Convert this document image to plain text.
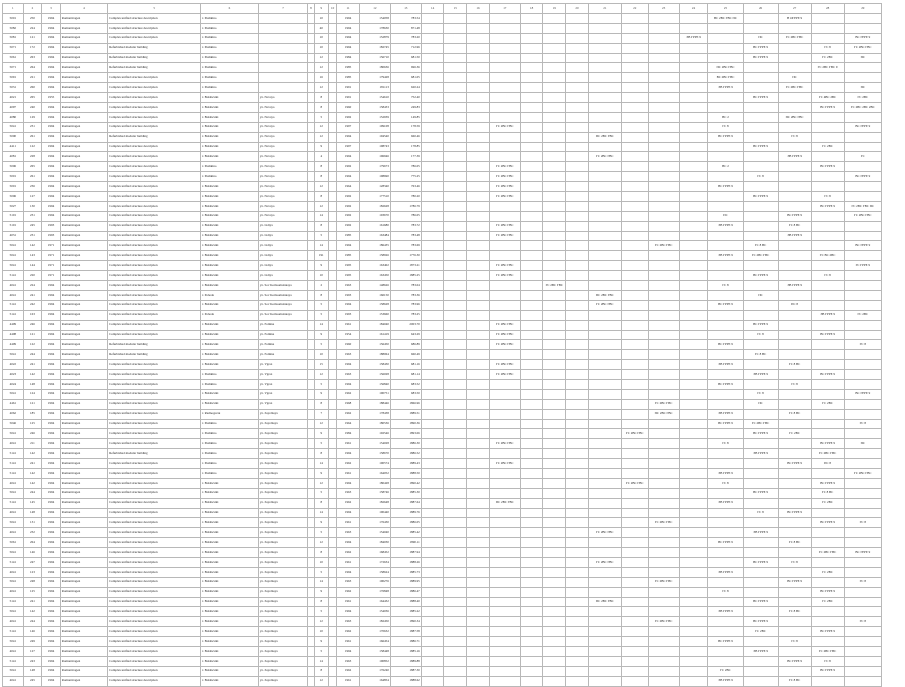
1	2	3	4	5	6	7	8	9	10	11	12	13	14	15	16	17	18	19	20	21	22	23	24	25	26	27	28	29
5001	250	1994	Romanticagen	Complex unified structure description	г. Pushkino			10		1994	154058	783.54												ВС 2ВС ГВС ПС		Н ОГРРЕ 9		
5082	224	1994	Romanticagen	Complex unified structure description	г. Pushkino			40		1994	178630	871.48																
5081	121	1994	Romanticagen	Complex unified structure description	г. Pushkino			10		1994	152879	783.20											ЭВ ГРРЕ 9		ПС	ГС 2ВС ГВС		ВС ГРРЕ 9
5071	172	1994	Romanticagen	Refurbished modular building	г. Pushkino			10		1994	182745	712.96													ВС ГРРЕ 9		ГС 8	ГС 2ВС ГВС
5061	263	1994	Romanticagen	Refurbished modular building	г. Pushkino			12		1984	156710	681.50													ВС ГРРЕ 9		ГС 2ВС	ПС
5071	264	1994	Romanticagen	Refurbished modular building	г. Pushkino			12		1985	180636	696.36												ПС 2ВС ГВС			ГС 2ВС ГВС 9	
5091	221	1994	Romanticagen	Complex unified structure description	г. Pushkino			16		1985	179428	681.05												ВС 2ВС ГВС		ПС		
5031	260	1994	Romanticagen	Complex unified structure description	г. Pushkino			12		1991	181113	620.24												ЭВ ГРРЕ 9		ГС 2ВС ГВС		ПС
4021	265	1955	Romanticagen	Complex unified structure description	г. Bolsheviki	ул. Novaya		8		1991	154610	752.40													ВС ГРРЕ 9		ГС 4ВС 2ВС	ГС 2ВС
4097	240	1994	Romanticagen	Complex unified structure description	г. Bolsheviki	ул. Novaya		8		1960	158433	249.83															ВС ГРРЕ 9	ГС 2ВС 2ВС 2ВС
4080	129	1994	Romanticagen	Complex unified structure description	г. Bolsheviki	ул. Novaya		5		1992	152939	149.85												ВС 2		ПС 2ВС ГВС		
5041	231	1994	Romanticagen	Complex unified structure description	г. Bolsheviki	ул. Novaya		12		1997	199108	178.59				ГС 2ВС ГВС								ГС 8				ВС ГРРЕ 9
5000	261	1994	Romanticagen	Refurbished modular building	г. Bolsheviki	ул. Novaya		12		1994	194540	660.46								ПС 2ВС ГВС				ВС ГРРЕ 9		ГС 8		
4411	122	1994	Romanticagen	Complex unified structure description	г. Bolsheviki	ул. Novaya		9		1997	198743	178.85													ВС ГРРЕ 9		ГС 2ВС	
4081	228	1994	Romanticagen	Complex unified structure description	г. Bolsheviki	ул. Novaya		4		1994	196946	177.39								ГС 2ВС ГВС						ЭВ ГРРЕ 9		ГС
5006	265	1994	Romanticagen	Complex unified structure description	г. Pushkino	ул. Novaya		8		1992	179673	786.05				ГС 2ВС ГВС								ВС 2			ВС ГРРЕ 9	
5001	261	1994	Romanticagen	Complex unified structure description	г. Pushkino	ул. Novaya		8		1994	198690	775.25				ГС 2ВС ГВС									ГС 8			ВС ГРРЕ 9
5001	236	1994	Romanticagen	Complex unified structure description	г. Bolsheviki	ул. Novaya		12		1964	128340	763.46				ГС 2ВС ГВС								ВС ГРРЕ 9				
5006	127	1994	Romanticagen	Complex unified structure description	г. Bolsheviki	ул. Novaya		8		1992	177510	780.20				ГС 2ВС ГВС									ВС ГРРЕ 9		ГС 8	
5027	130	1994	Romanticagen	Complex unified structure description	г. Bolsheviki	ул. Novaya		12		1992	182628	1786.79															ВС ГРРЕ 9	ГС 2ВС ГВС ПС
5101	231	1994	Romanticagen	Complex unified structure description	г. Bolsheviki	ул. Novaya		14		1992	193670	786.05												ПС		ВС ГРРЕ 9		ГС 2ВС ГВС
5101	245	1993	Romanticagen	Complex unified structure description	г. Bolsheviki	ул. Lidiya		8		1992	161680	783.72				ГС 2ВС ГВС								ЭВ ГРРЕ 9		ГС 8 ВС		
4031	231	1993	Romanticagen	Complex unified structure description	г. Bolsheviki	ул. Lidiya		5		1985	163484	783.48				ГС 2ВС ГВС										ЭВ ГРРЕ 9		
5041	142	1971	Romanticagen	Complex unified structure description	г. Bolsheviki	ул. Lidiya		14		1994	186435	783.69										ГС 2ВС ГВС			ГС 8 ВС			ВС ГРРЕ 9
5041	143	1971	Romanticagen	Complex unified structure description	г. Bolsheviki	ул. Lidiya		191		1985	158926	1776.30												ЭВ ГРРЕ 9	ГС 2ВС ГВС		ГС ВС 2ВС	
5041	144	1971	Romanticagen	Complex unified structure description	г. Bolsheviki	ул. Lidiya		9		1995	163402	1873.21				ГС 2ВС ГВС												ГС ГРРЕ 9
5141	220	1971	Romanticagen	Complex unified structure description	г. Bolsheviki	ул. Lidiya		10		1995	163450	1885.25				ГС 2ВС ГВС									ВС ГРРЕ 9		ГС 8	
4041	224	1994	Romanticagen	Complex unified structure description	г. Bolsheviki	ул. Sov Komsomolskaya		2		1963	148626	783.04						ГС 2ВС ГВС						ГС 8		ЭВ ГРРЕ 9		
4041	241	1994	Romanticagen	Complex unified structure description	г. Pobeda	ул. Sov Komsomolskaya		8		1993	160150	783.36								ПС 2ВС ГВС					ПС			
5141	242	1994	Romanticagen	Complex unified structure description	г. Bolsheviki	ул. Sov Komsomolskaya		5		1994	158628	783.96								ГС 2ВС ГВС				ВС ГРРЕ 9		ПС 8		
5141	163	1994	Romanticagen	Complex unified structure description	г. Pobeda	ул. Sov Komsomolskaya		5		1993	153660	783.25															ЭВ ГРРЕ 9	ГС 2ВС
4409	246	1994	Romanticagen	Complex unified structure description	г. Bolsheviki	ул. Fomina		14		1961	184040	2003.70				ГС 2ВС ГВС									ВС ГРРЕ 9			
4408	121	1994	Romanticagen	Complex unified structure description	г. Bolsheviki	ул. Fomina		9		1954	161419	643.29				ГС 2ВС ГВС									ГС 8		ВС ГРРЕ 9	
4409	122	1994	Romanticagen	Refurbished modular building	г. Bolsheviki	ул. Fomina		5		1960	156450	686.89				ГС 2ВС ГВС								ВС ГРРЕ 9				ГС 8
5041	244	1994	Romanticagen	Refurbished modular building	г. Bolsheviki	ул. Fomina		10		1963	188064	660.49													ГС 8 ВС			
4022	241	1994	Romanticagen	Complex unified structure description	г. Bolsheviki	ул. Vgraz		15		1994	158430	681.16				ГС 2ВС ГВС								ЭВ ГРРЕ 9		ГС 8 ВС		
4023	142	1994	Romanticagen	Complex unified structure description	г. Pushkino	ул. Vgraz		12		1963	156028	681.14				ГС 2ВС ГВС									ЭВ ГРРЕ 9		ВС ГРРЕ 9	
4024	148	1994	Romanticagen	Complex unified structure description	г. Pushkino	ул. Vgraz		5		1994	156840	683.52												ВС ГРРЕ 9		ГС 8		
5041	124	1994	Romanticagen	Complex unified structure description	г. Bolsheviki	ул. Vgraz		9		1962	190751	683.50													ГС 8			ВС ГРРЕ 9
4461	121	1994	Romanticagen	Complex unified structure description	г. Bolsheviki	ул. Vgraz		8		1968	188446	1866.96										ГС 2ВС ГВС			ПС		ГС 2ВС	
4062	185	1994	Romanticagen	Complex unified structure description	г. Rudnogorsk	ул. Zayelnaya		7		1962	178438	1889.51										ПС 2ВС ГВС		ЭВ ГРРЕ 9		ГС 8 ВС		
5046	125	1994	Romanticagen	Complex unified structure description	г. Pushkino	ул. Zayelnaya		12		1964	180536	1890.36												ВС ГРРЕ 9	ГС 2ВС ГВС			ГС 8
5041	246	1994	Romanticagen	Complex unified structure description	г. Pushkino	ул. Zayelnaya		9		1984	192546	1893.06									ГС 2ВС ГВС				ВС ГРРЕ 9	ГС 2ВС		
4041	211	1994	Romanticagen	Complex unified structure description	г. Pushkino	ул. Zayelnaya		5		1961	154028	1886.30				ГС 2ВС ГВС								ГС 8			ВС ГРРЕ 9	ПС
5141	142	1994	Romanticagen	Refurbished modular building	г. Pushkino	ул. Zayelnaya		8		1994	158670	1886.52													ЭВ ГРРЕ 9		ГС 2ВС ГВС	
5141	241	1994	Romanticagen	Complex unified structure description	г. Pushkino	ул. Zayelnaya		14		1962	190574	1889.43				ГС 2ВС ГВС										ВС ГРРЕ 9	ПС 8	
5141	142	1994	Romanticagen	Complex unified structure description	г. Pushkino	ул. Zayelnaya		9		1961	164052	1888.50												ЭВ ГРРЕ 9				ГС 2ВС ГВС
4041	142	1994	Romanticagen	Complex unified structure description	г. Bolsheviki	ул. Zayelnaya		12		1994	180428	1890.42									ГС 2ВС ГВС			ГС 8			ВС ГРРЕ 9	
5041	244	1994	Romanticagen	Complex unified structure description	г. Bolsheviki	ул. Zayelnaya		5		1963	158746	1885.30													ВС ГРРЕ 9		ГС 8 ВС	
5141	145	1994	Romanticagen	Complex unified structure description	г. Bolsheviki	ул. Zayelnaya		8		1962	182648	1887.64				ПС 2ВС ГВС								ЭВ ГРРЕ 9			ГС 2ВС	
4041	148	1994	Romanticagen	Complex unified structure description	г. Bolsheviki	ул. Zayelnaya		14		1994	190440	1889.76													ГС 8	ВС ГРРЕ 9		
5041	131	1994	Romanticagen	Complex unified structure description	г. Bolsheviki	ул. Zayelnaya		9		1961	176430	1886.05										ГС 2ВС ГВС					ВС ГРРЕ 9	ГС 8
4041	232	1994	Romanticagen	Complex unified structure description	г. Bolsheviki	ул. Zayelnaya		5		1963	154040	1885.42								ГС 2ВС ГВС					ЭВ ГРРЕ 9			
5061	264	1994	Romanticagen	Complex unified structure description	г. Bolsheviki	ул. Zayelnaya		12		1994	184030	1890.11												ВС ГРРЕ 9		ГС 8 ВС		
5041	146	1994	Romanticagen	Complex unified structure description	г. Bolsheviki	ул. Zayelnaya		8		1962	168452	1887.94															ГС 2ВС ГВС	ВС ГРРЕ 9
5141	247	1994	Romanticagen	Complex unified structure description	г. Bolsheviki	ул. Zayelnaya		10		1961	172634	1888.26								ГС 2ВС ГВС					ВС ГРРЕ 9	ГС 8		
4041	123	1994	Romanticagen	Complex unified structure description	г. Bolsheviki	ул. Zayelnaya		5		1994	158624	1885.73												ЭВ ГРРЕ 9			ГС 2ВС	
5041	248	1994	Romanticagen	Complex unified structure description	г. Bolsheviki	ул. Zayelnaya		14		1963	190276	1889.95										ГС 2ВС ГВС				ВС ГРРЕ 9		ГС 8
4041	125	1994	Romanticagen	Complex unified structure description	г. Bolsheviki	ул. Zayelnaya		9		1962	176848	1886.47												ГС 8			ВС ГРРЕ 9	
5141	241	1994	Romanticagen	Complex unified structure description	г. Bolsheviki	ул. Zayelnaya		8		1961	164432	1888.40								ПС 2ВС ГВС					ВС ГРРЕ 9		ГС 2ВС	
5041	142	1994	Romanticagen	Complex unified structure description	г. Bolsheviki	ул. Zayelnaya		5		1994	154036	1885.22												ЭВ ГРРЕ 9		ГС 8 ВС		
4041	244	1994	Romanticagen	Complex unified structure description	г. Bolsheviki	ул. Zayelnaya		12		1963	182450	1890.34										ГС 2ВС ГВС			ВС ГРРЕ 9			ГС 8
5141	146	1994	Romanticagen	Complex unified structure description	г. Bolsheviki	ул. Zayelnaya		10		1962	170632	1887.58													ГС 2ВС		ВС ГРРЕ 9	
5041	249	1994	Romanticagen	Complex unified structure description	г. Bolsheviki	ул. Zayelnaya		9		1961	166454	1886.71												ВС ГРРЕ 9		ГС 8		
4041	127	1994	Romanticagen	Complex unified structure description	г. Bolsheviki	ул. Zayelnaya		5		1994	158448	1885.16													ЭВ ГРРЕ 9		ГС 2ВС ГВС	
5141	243	1994	Romanticagen	Complex unified structure description	г. Bolsheviki	ул. Zayelnaya		14		1963	190852	1889.88														ВС ГРРЕ 9	ГС 8	
5041	148	1994	Romanticagen	Complex unified structure description	г. Bolsheviki	ул. Zayelnaya		8		1962	176240	1887.30												ГС 2ВС			ВС ГРРЕ 9	
4041	245	1994	Romanticagen	Complex unified structure description	г. Bolsheviki	ул. Zayelnaya		12		1961	164854	1888.62												ЭВ ГРРЕ 9		ГС 8 ВС		
